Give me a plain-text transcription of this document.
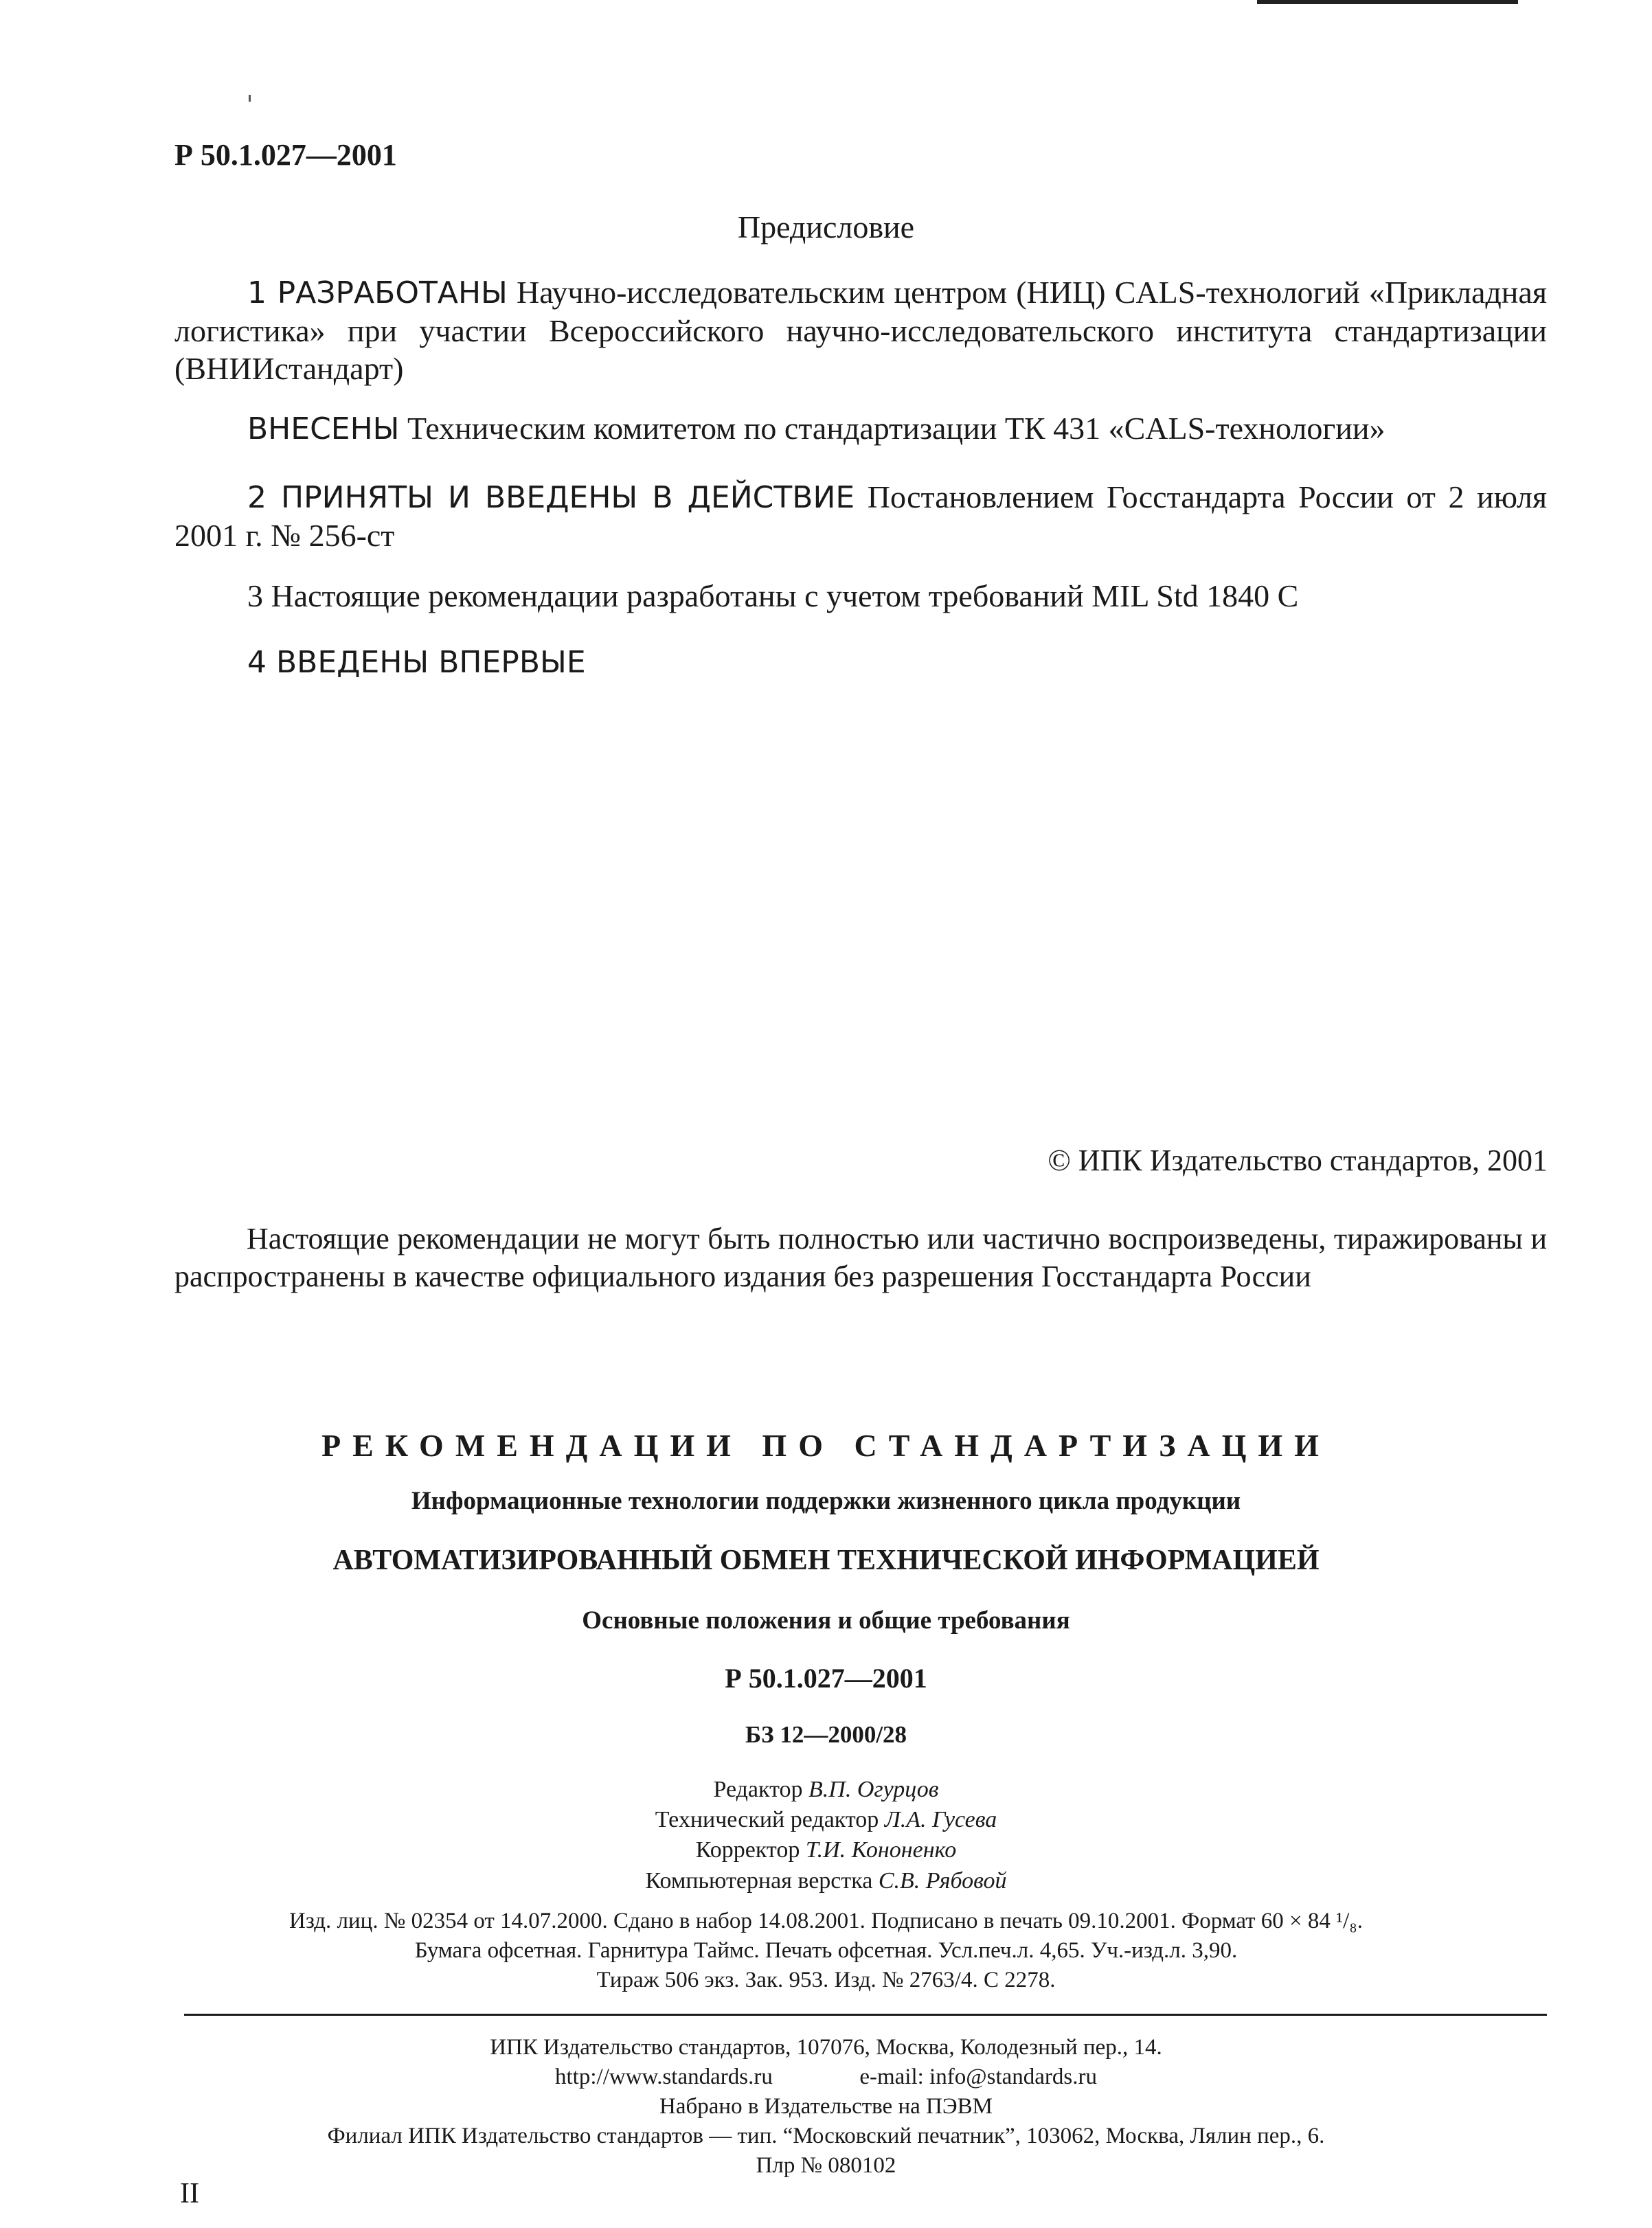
Р 50.1.027—2001
Предисловие
1 РАЗРАБОТАНЫ Научно-исследовательским центром (НИЦ) CALS-технологий «Прикладная логистика» при участии Всероссийского научно-исследовательского института стандартизации (ВНИИстандарт)
ВНЕСЕНЫ Техническим комитетом по стандартизации ТК 431 «CALS-технологии»
2 ПРИНЯТЫ И ВВЕДЕНЫ В ДЕЙСТВИЕ Постановлением Госстандарта России от 2 июля 2001 г. № 256-ст
3 Настоящие рекомендации разработаны с учетом требований MIL Std 1840 C
4 ВВЕДЕНЫ ВПЕРВЫЕ
© ИПК Издательство стандартов, 2001
Настоящие рекомендации не могут быть полностью или частично воспроизведены, тиражированы и распространены в качестве официального издания без разрешения Госстандарта России
РЕКОМЕНДАЦИИ ПО СТАНДАРТИЗАЦИИ
Информационные технологии поддержки жизненного цикла продукции
АВТОМАТИЗИРОВАННЫЙ ОБМЕН ТЕХНИЧЕСКОЙ ИНФОРМАЦИЕЙ
Основные положения и общие требования
Р 50.1.027—2001
БЗ 12—2000/28
Редактор В.П. Огурцов
Технический редактор Л.А. Гусева
Корректор Т.И. Кононенко
Компьютерная верстка С.В. Рябовой
Изд. лиц. № 02354 от 14.07.2000. Сдано в набор 14.08.2001. Подписано в печать 09.10.2001. Формат 60 × 84 ¹/₈.
Бумага офсетная. Гарнитура Таймс. Печать офсетная. Усл.печ.л. 4,65. Уч.-изд.л. 3,90.
Тираж 506 экз. Зак. 953. Изд. № 2763/4. С 2278.
ИПК Издательство стандартов, 107076, Москва, Колодезный пер., 14.
http://www.standards.ru	e-mail: info@standards.ru
Набрано в Издательстве на ПЭВМ
Филиал ИПК Издательство стандартов — тип. “Московский печатник”, 103062, Москва, Лялин пер., 6.
Плр № 080102
II
